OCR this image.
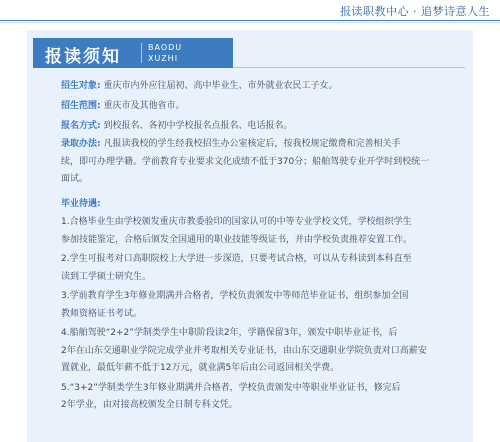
报读职教中心 · 追梦诗意人生
报读须知	BAODU
XUZHI
招生对象: 重庆市内外应往届初、高中毕业生、市外就业农民工子女。
招生范围: 重庆市及其他省市。
报名方式: 到校报名、各初中学校报名点报名、电话报名。
录取办法: 凡报读我校的学生经我校招生办公室核定后，按我校规定缴费和完善相关手
续，即可办理学籍。学前教育专业要求文化成绩不低于370分；船舶驾驶专业开学时到校统一
面试。
毕业待遇:
1.合格毕业生由学校颁发重庆市教委验印的国家认可的中等专业学校文凭，学校组织学生
参加技能鉴定，合格后颁发全国通用的职业技能等级证书，并由学校负责推荐安置工作。
2.学生可报考对口高职院校上大学进一步深造，只要考试合格，可以从专科读到本科直至
读到工学硕士研究生。
3.学前教育学生3年修业期满并合格者，学校负责颁发中等师范毕业证书，组织参加全国
教师资格证书考试。
4.船舶驾驶“2+2”学制类学生中职阶段读2年，学籍保留3年，颁发中职毕业证书，后
2年在山东交通职业学院完成学业并考取相关专业证书，由山东交通职业学院负责对口高薪安
置就业，最低年薪不低于12万元，就业满5年后由公司返回相关学费。
5.“3+2”学制类学生3年修业期满并合格者，学校负责颁发中等职业毕业证书，修完后
2年学业，由对接高校颁发全日制专科文凭。
